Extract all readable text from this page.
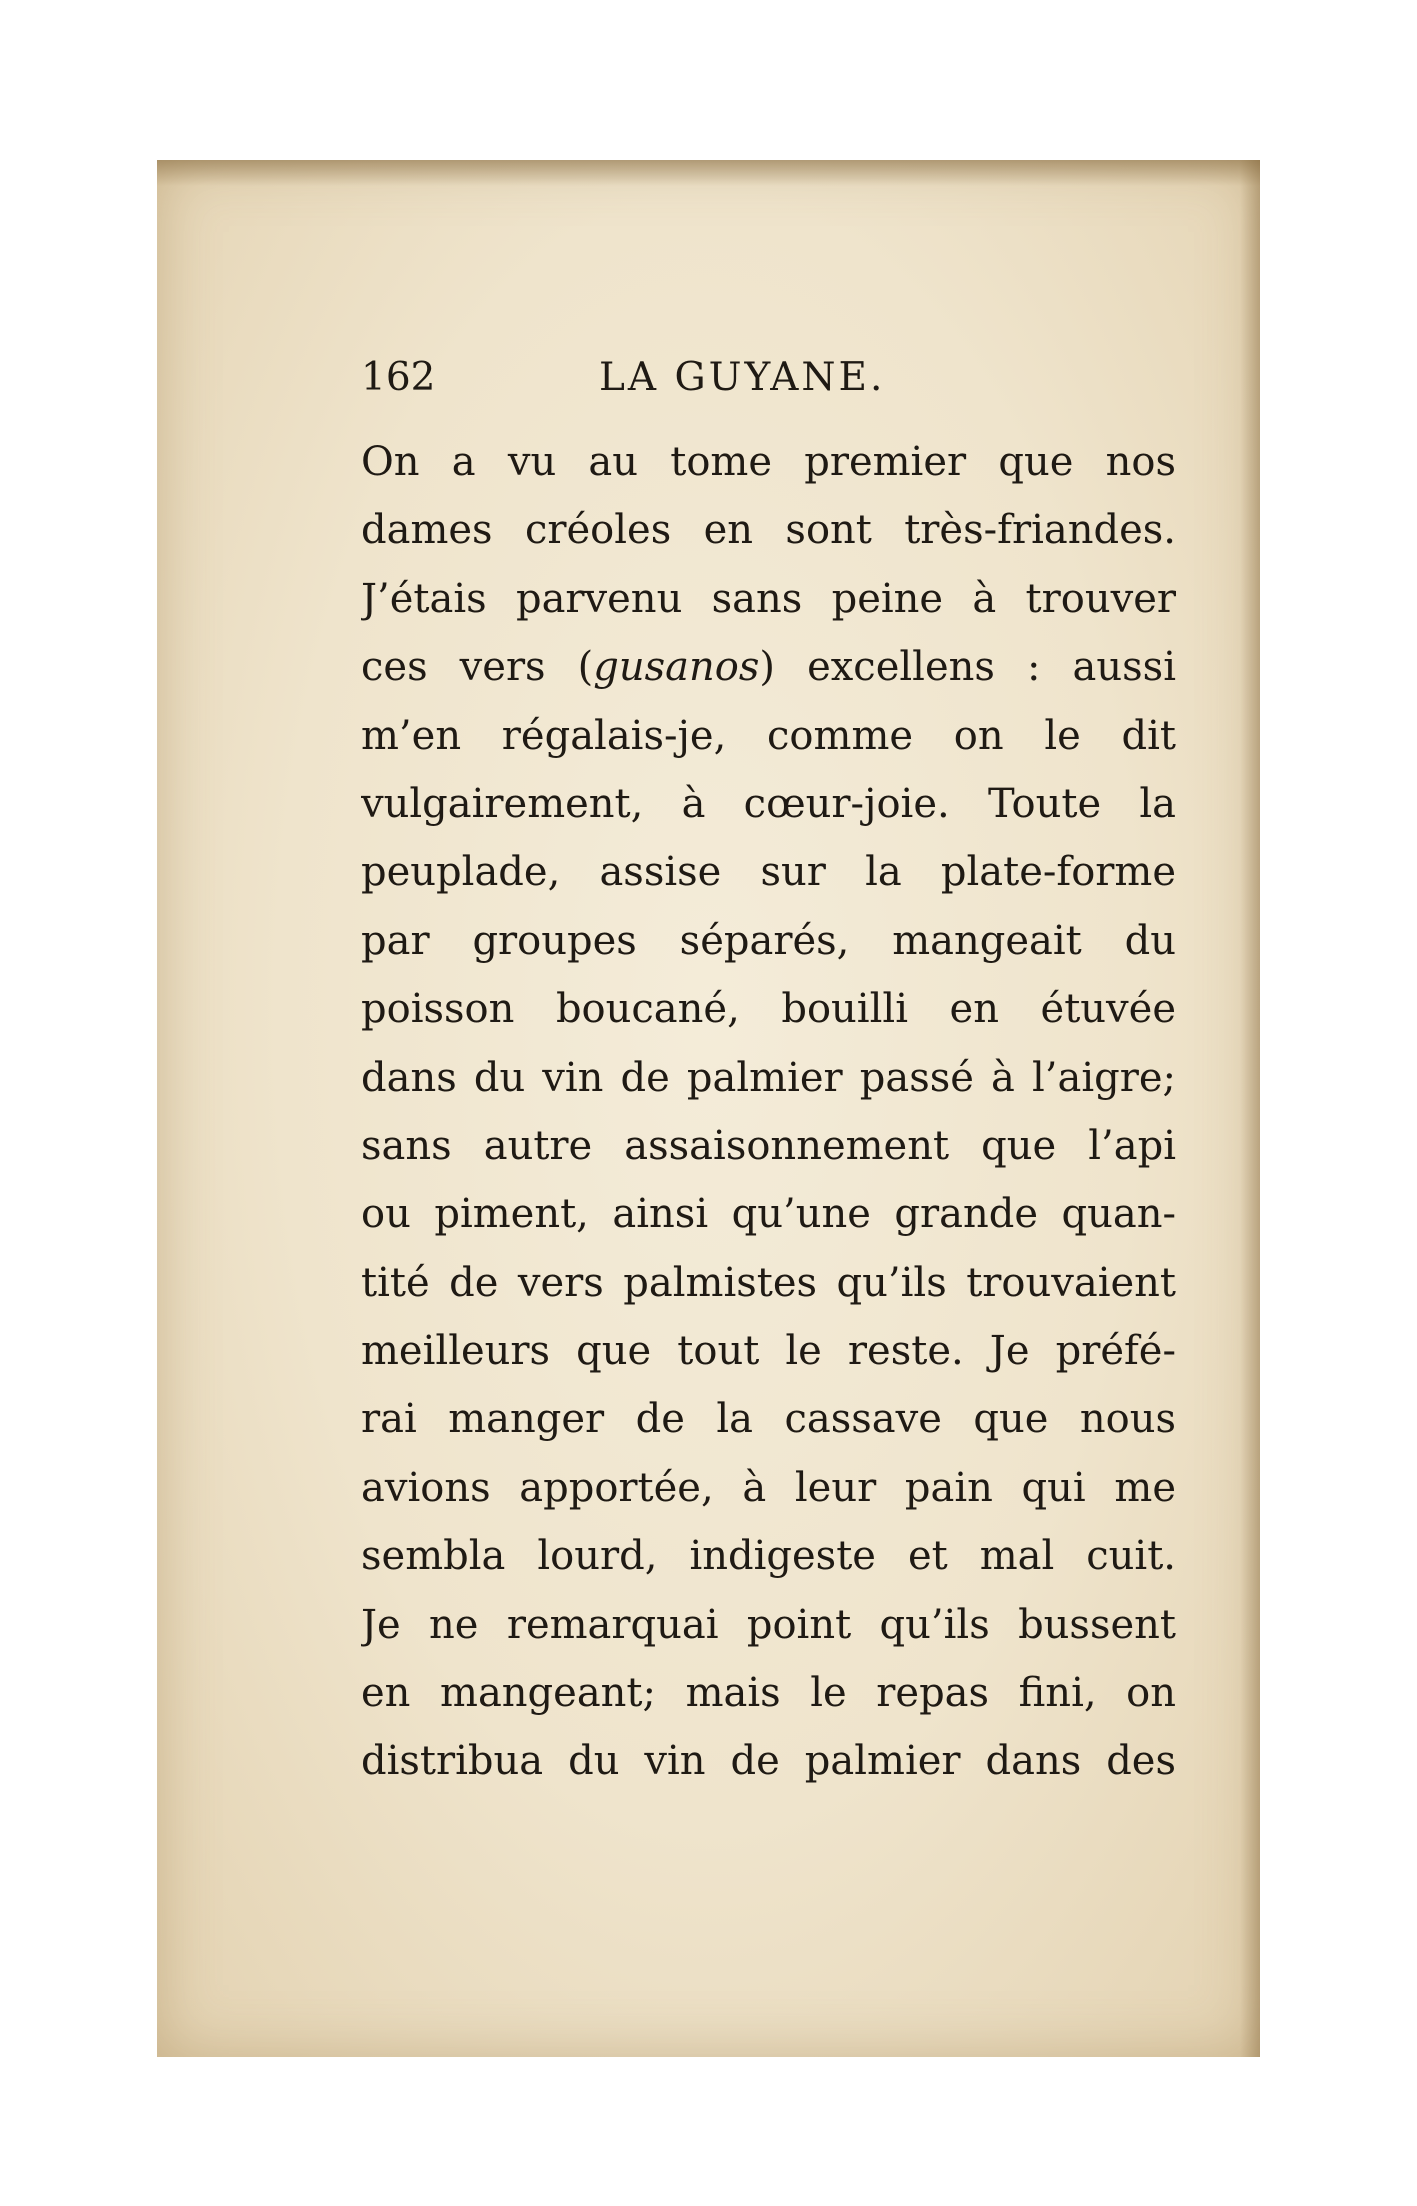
162	LA GUYANE.
On a vu au tome premier que nos
dames créoles en sont très-friandes.
J’étais parvenu sans peine à trouver
ces vers (gusanos) excellens : aussi
m’en régalais-je, comme on le dit
vulgairement, à cœur-joie. Toute la
peuplade, assise sur la plate-forme
par groupes séparés, mangeait du
poisson boucané, bouilli en étuvée
dans du vin de palmier passé à l’aigre;
sans autre assaisonnement que l’api
ou piment, ainsi qu’une grande quan-
tité de vers palmistes qu’ils trouvaient
meilleurs que tout le reste. Je préfé-
rai manger de la cassave que nous
avions apportée, à leur pain qui me
sembla lourd, indigeste et mal cuit.
Je ne remarquai point qu’ils bussent
en mangeant; mais le repas fini, on
distribua du vin de palmier dans des
